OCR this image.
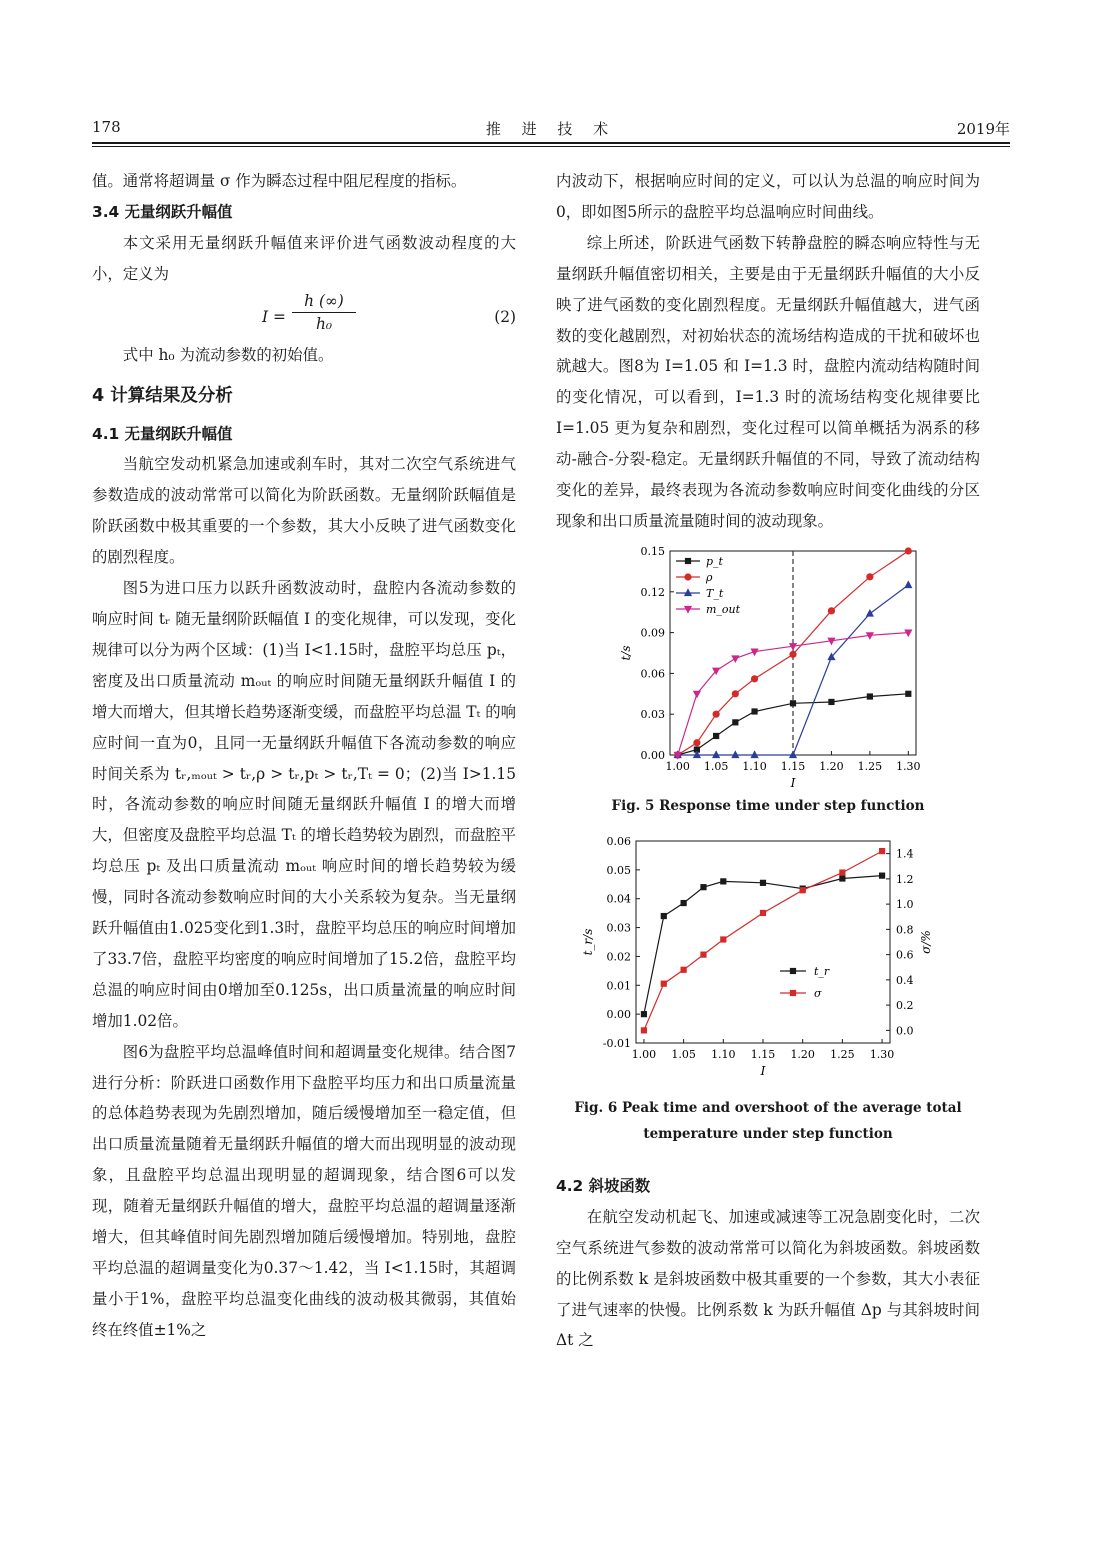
178	推 进 技 术	2019年

值。通常将超调量 σ 作为瞬态过程中阻尼程度的指标。

3.4 无量纲跃升幅值

本文采用无量纲跃升幅值来评价进气函数波动程度的大小，定义为

$I = \frac{h (\infty)}{\text{h₀}}$	(2)

式中 h₀ 为流动参数的初始值。

4 计算结果及分析
4.1 无量纲跃升幅值

当航空发动机紧急加速或刹车时，其对二次空气系统进气参数造成的波动常常可以简化为阶跃函数。无量纲阶跃幅值是阶跃函数中极其重要的一个参数，其大小反映了进气函数变化的剧烈程度。

图5为进口压力以跃升函数波动时，盘腔内各流动参数的响应时间 tᵣ 随无量纲阶跃幅值 I 的变化规律，可以发现，变化规律可以分为两个区域：(1)当 I<1.15时，盘腔平均总压 pₜ，密度及出口质量流动 mₒᵤₜ 的响应时间随无量纲跃升幅值 I 的增大而增大，但其增长趋势逐渐变缓，而盘腔平均总温 Tₜ 的响应时间一直为0，且同一无量纲跃升幅值下各流动参数的响应时间关系为 tᵣ,ₘₒᵤₜ > tᵣ,ρ > tᵣ,pₜ > tᵣ,Tₜ = 0；(2)当 I>1.15时，各流动参数的响应时间随无量纲跃升幅值 I 的增大而增大，但密度及盘腔平均总温 Tₜ 的增长趋势较为剧烈，而盘腔平均总压 pₜ 及出口质量流动 mₒᵤₜ 响应时间的增长趋势较为缓慢，同时各流动参数响应时间的大小关系较为复杂。当无量纲跃升幅值由1.025变化到1.3时，盘腔平均总压的响应时间增加了33.7倍，盘腔平均密度的响应时间增加了15.2倍，盘腔平均总温的响应时间由0增加至0.125s，出口质量流量的响应时间增加1.02倍。

图6为盘腔平均总温峰值时间和超调量变化规律。结合图7进行分析：阶跃进口函数作用下盘腔平均压力和出口质量流量的总体趋势表现为先剧烈增加，随后缓慢增加至一稳定值，但出口质量流量随着无量纲跃升幅值的增大而出现明显的波动现象，且盘腔平均总温出现明显的超调现象，结合图6可以发现，随着无量纲跃升幅值的增大，盘腔平均总温的超调量逐渐增大，但其峰值时间先剧烈增加随后缓慢增加。特别地，盘腔平均总温的超调量变化为0.37～1.42，当 I<1.15时，其超调量小于1%，盘腔平均总温变化曲线的波动极其微弱，其值始终在终值±1%之

内波动下，根据响应时间的定义，可以认为总温的响应时间为0，即如图5所示的盘腔平均总温响应时间曲线。

综上所述，阶跃进气函数下转静盘腔的瞬态响应特性与无量纲跃升幅值密切相关，主要是由于无量纲跃升幅值的大小反映了进气函数的变化剧烈程度。无量纲跃升幅值越大，进气函数的变化越剧烈，对初始状态的流场结构造成的干扰和破坏也就越大。图8为 I=1.05 和 I=1.3 时，盘腔内流动结构随时间的变化情况，可以看到，I=1.3 时的流场结构变化规律要比 I=1.05 更为复杂和剧烈，变化过程可以简单概括为涡系的移动-融合-分裂-稳定。无量纲跃升幅值的不同，导致了流动结构变化的差异，最终表现为各流动参数响应时间变化曲线的分区现象和出口质量流量随时间的波动现象。

1.00 1.05 1.10 1.15 1.20 1.25 1.30
0.00
0.03
0.06
0.09
0.12
0.15
I
t/s
p_t
ρ
T_t
m_out
Fig. 5 Response time under step function
1.00 1.05 1.10 1.15 1.20 1.25 1.30
-0.01
0.00
0.01
0.02
0.03
0.04
0.05
0.06
0.0
0.2
0.4
0.6
0.8
1.0
1.2
1.4
I
t_r/s	σ/%
t_r
σ
Fig. 6 Peak time and overshoot of the average total
temperature under step function
4.2 斜坡函数

在航空发动机起飞、加速或减速等工况急剧变化时，二次空气系统进气参数的波动常常可以简化为斜坡函数。斜坡函数的比例系数 k 是斜坡函数中极其重要的一个参数，其大小表征了进气速率的快慢。比例系数 k 为跃升幅值 Δp 与其斜坡时间 Δt 之
